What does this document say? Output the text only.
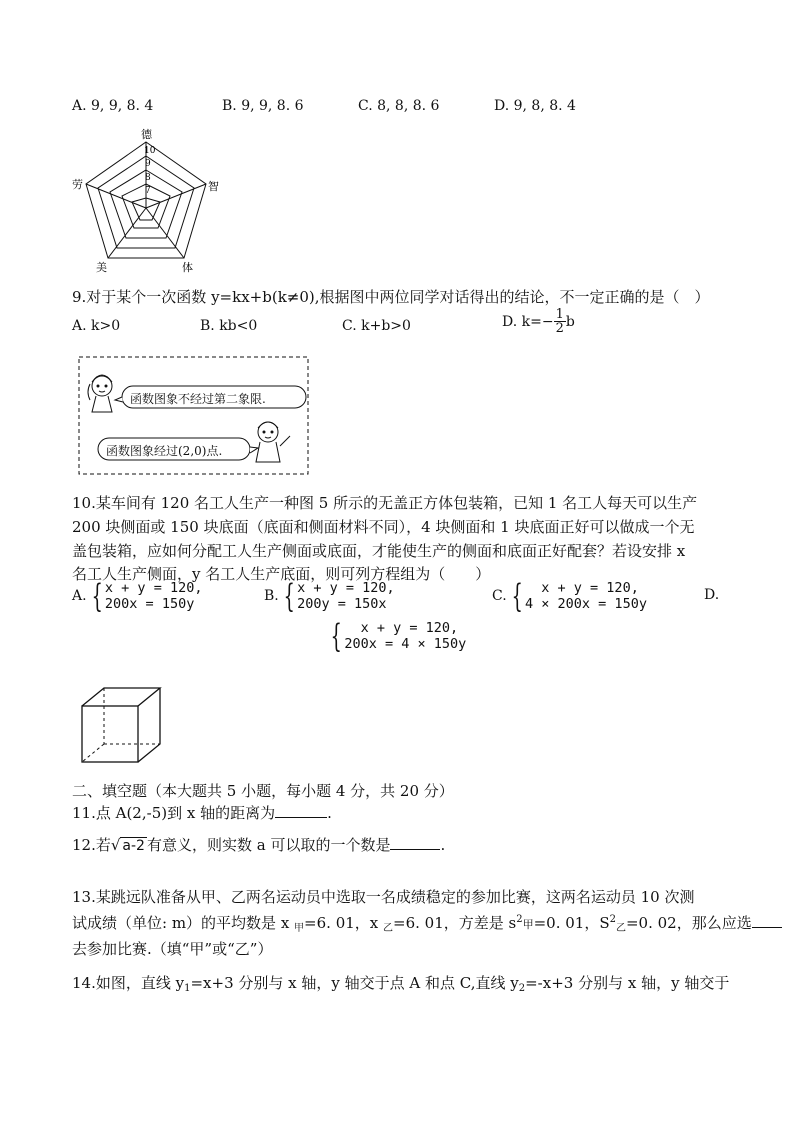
A. 9, 9, 8. 4	B. 9, 9, 8. 6	C. 8, 8, 8. 6	D. 9, 8, 8. 4
德
智
体
美
劳
10
9
8
7
9.对于某个一次函数 y=kx+b(k≠0),根据图中两位同学对话得出的结论，不一定正确的是（　）
A. k>0	B. kb<0	C. k+b>0	D. $k=- \frac{1}{2}$ b
函数图象不经过第二象限.
函数图象经过(2,0)点.
10.某车间有 120 名工人生产一种图 5 所示的无盖正方体包装箱，已知 1 名工人每天可以生产
200 块侧面或 150 块底面（底面和侧面材料不同），4 块侧面和 1 块底面正好可以做成一个无
盖包装箱，应如何分配工人生产侧面或底面，才能使生产的侧面和底面正好配套？若设安排 x
名工人生产侧面，y 名工人生产底面，则可列方程组为（　　）
A. { x + y = 120,
200x = 150y	B. { x + y = 120,
200y = 150x	C. { x + y = 120,
4 × 200x = 150y
D.
{ x + y = 120,
200x = 4 × 150y
二、填空题（本大题共 5 小题，每小题 4 分，共 20 分）
11.点 A(2,-5)到 x 轴的距离为	.
12.若√ a-2 有意义，则实数 a 可以取的一个数是	.
13.某跳远队准备从甲、乙两名运动员中选取一名成绩稳定的参加比赛，这两名运动员 10 次测
试成绩（单位: m）的平均数是 x $_甲$=6. 01，x $_乙$=6. 01，方差是 $s^2$甲=0. 01，$S^2_乙=0$. 02，那么应选
去参加比赛.（填“甲”或“乙”）
14.如图，直线 $y_1=x+3$ 分别与 x 轴，y 轴交于点 A 和点 C,直线 $y_2=-x+3$ 分别与 x 轴，y 轴交于
